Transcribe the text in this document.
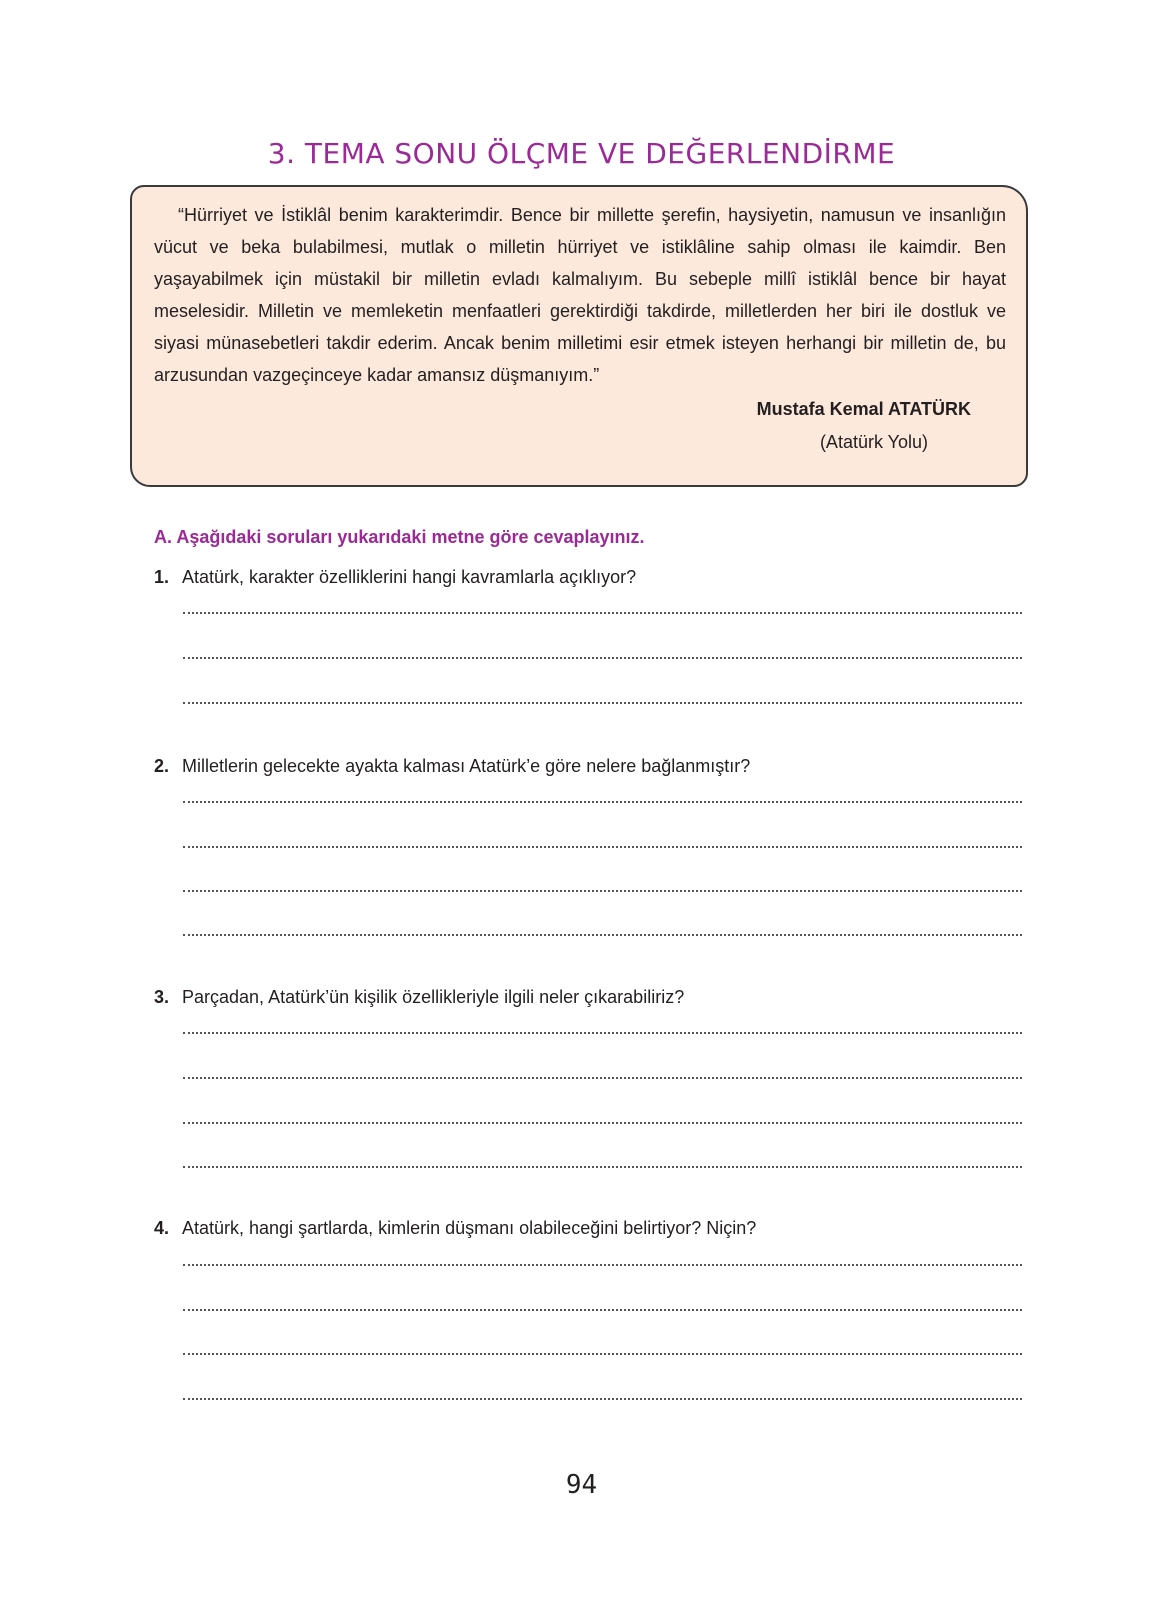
3. TEMA SONU ÖLÇME VE DEĞERLENDİRME

“Hürriyet ve İstiklâl benim karakterimdir. Bence bir millette şerefin, haysiyetin, namusun ve insanlığın vücut ve beka bulabilmesi, mutlak o milletin hürriyet ve istiklâline sahip olması ile kaimdir. Ben yaşayabilmek için müstakil bir milletin evladı kalmalıyım. Bu sebeple millî istiklâl bence bir hayat meselesidir. Milletin ve memleketin menfaatleri gerektirdiği takdirde, milletlerden her biri ile dostluk ve siyasi münasebetleri takdir ederim. Ancak benim milletimi esir etmek isteyen herhangi bir milletin de, bu arzusundan vazgeçinceye kadar amansız düşmanıyım.”

Mustafa Kemal ATATÜRK
(Atatürk Yolu)
A. Aşağıdaki soruları yukarıdaki metne göre cevaplayınız.
1. Atatürk, karakter özelliklerini hangi kavramlarla açıklıyor?
2. Milletlerin gelecekte ayakta kalması Atatürk’e göre nelere bağlanmıştır?
3. Parçadan, Atatürk’ün kişilik özellikleriyle ilgili neler çıkarabiliriz?
4. Atatürk, hangi şartlarda, kimlerin düşmanı olabileceğini belirtiyor? Niçin?
94
